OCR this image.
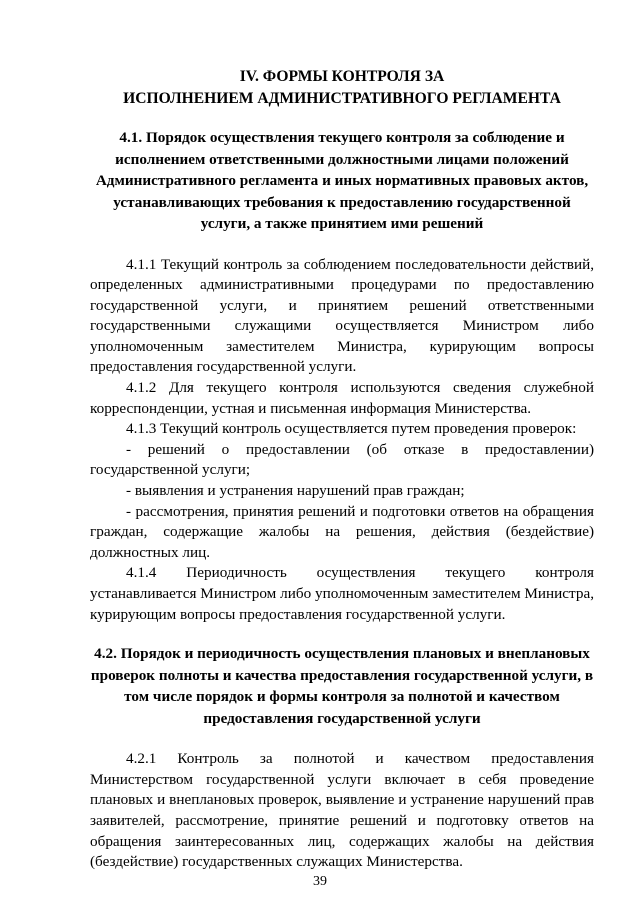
IV. ФОРМЫ КОНТРОЛЯ ЗА

ИСПОЛНЕНИЕМ АДМИНИСТРАТИВНОГО РЕГЛАМЕНТА

4.1. Порядок осуществления текущего контроля за соблюдение и

исполнением ответственными должностными лицами положений

Административного регламента и иных нормативных правовых актов,

устанавливающих требования к предоставлению государственной

услуги, а также принятием ими решений

4.1.1 Текущий контроль за соблюдением последовательности действий, определенных административными процедурами по предоставлению государственной услуги, и принятием решений ответственными государственными служащими осуществляется Министром либо уполномоченным заместителем Министра, курирующим вопросы предоставления государственной услуги.

4.1.2 Для текущего контроля используются сведения служебной корреспонденции, устная и письменная информация Министерства.

4.1.3 Текущий контроль осуществляется путем проведения проверок:

- решений о предоставлении (об отказе в предоставлении) государственной услуги;

- выявления и устранения нарушений прав граждан;

- рассмотрения, принятия решений и подготовки ответов на обращения граждан, содержащие жалобы на решения, действия (бездействие) должностных лиц.

4.1.4 Периодичность осуществления текущего контроля устанавливается Министром либо уполномоченным заместителем Министра, курирующим вопросы предоставления государственной услуги.

4.2. Порядок и периодичность осуществления плановых и внеплановых

проверок полноты и качества предоставления государственной услуги, в

том числе порядок и формы контроля за полнотой и качеством

предоставления государственной услуги

4.2.1 Контроль за полнотой и качеством предоставления Министерством государственной услуги включает в себя проведение плановых и внеплановых проверок, выявление и устранение нарушений прав заявителей, рассмотрение, принятие решений и подготовку ответов на обращения заинтересованных лиц, содержащих жалобы на действия (бездействие) государственных служащих Министерства.

39
